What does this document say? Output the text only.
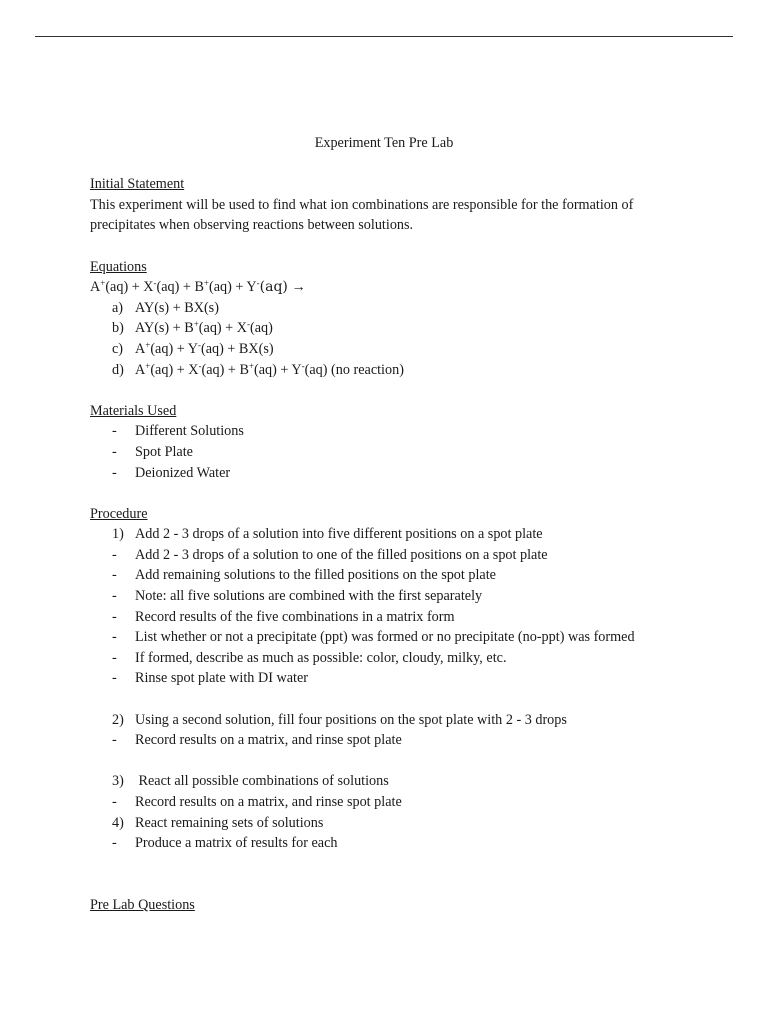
Experiment Ten Pre Lab
Initial Statement
This experiment will be used to find what ion combinations are responsible for the formation of
precipitates when observing reactions between solutions.
Equations
A+(aq) + X-(aq) + B+(aq) + Y-(aq) →
a) AY(s) + BX(s)
b) AY(s) + B+(aq) + X-(aq)
c) A+(aq) + Y-(aq) + BX(s)
d) A+(aq) + X-(aq) + B+(aq) + Y-(aq) (no reaction)
Materials Used
-	Different Solutions
-	Spot Plate
-	Deionized Water
Procedure
1) Add 2 - 3 drops of a solution into five different positions on a spot plate
-	Add 2 - 3 drops of a solution to one of the filled positions on a spot plate
-	Add remaining solutions to the filled positions on the spot plate
-	Note: all five solutions are combined with the first separately
-	Record results of the five combinations in a matrix form
-	List whether or not a precipitate (ppt) was formed or no precipitate (no-ppt) was formed
-	If formed, describe as much as possible: color, cloudy, milky, etc.
-	Rinse spot plate with DI water
2) Using a second solution, fill four positions on the spot plate with 2 - 3 drops
-	Record results on a matrix, and rinse spot plate
3) React all possible combinations of solutions
-	Record results on a matrix, and rinse spot plate
4) React remaining sets of solutions
-	Produce a matrix of results for each
Pre Lab Questions
